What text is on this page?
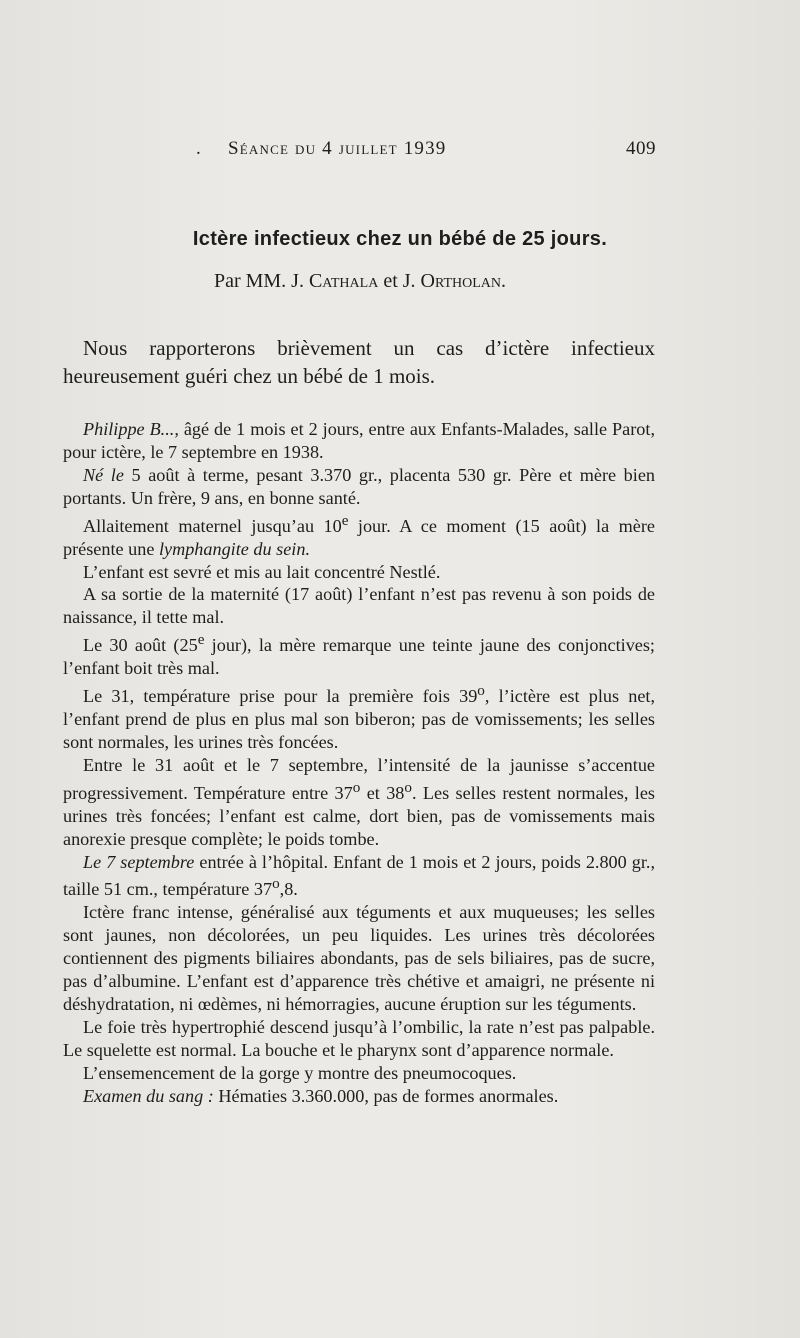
. Séance du 4 juillet 1939	409
Ictère infectieux chez un bébé de 25 jours.
Par MM. J. Cathala et J. Ortholan.

Nous rapporterons brièvement un cas d’ictère infectieux heureusement guéri chez un bébé de 1 mois.

Philippe B..., âgé de 1 mois et 2 jours, entre aux Enfants-Malades, salle Parot, pour ictère, le 7 septembre en 1938.

Né le 5 août à terme, pesant 3.370 gr., placenta 530 gr. Père et mère bien portants. Un frère, 9 ans, en bonne santé.

Allaitement maternel jusqu’au 10e jour. A ce moment (15 août) la mère présente une lymphangite du sein.

L’enfant est sevré et mis au lait concentré Nestlé.

A sa sortie de la maternité (17 août) l’enfant n’est pas revenu à son poids de naissance, il tette mal.

Le 30 août (25e jour), la mère remarque une teinte jaune des conjonctives; l’enfant boit très mal.

Le 31, température prise pour la première fois 39$^o$, l’ictère est plus net, l’enfant prend de plus en plus mal son biberon; pas de vomissements; les selles sont normales, les urines très foncées.

Entre le 31 août et le 7 septembre, l’intensité de la jaunisse s’accentue progressivement. Température entre 37$^o$ et 38$^o$. Les selles restent normales, les urines très foncées; l’enfant est calme, dort bien, pas de vomissements mais anorexie presque complète; le poids tombe.

Le 7 septembre entrée à l’hôpital. Enfant de 1 mois et 2 jours, poids 2.800 gr., taille 51 cm., température 37$^o$,8.

Ictère franc intense, généralisé aux téguments et aux muqueuses; les selles sont jaunes, non décolorées, un peu liquides. Les urines très décolorées contiennent des pigments biliaires abondants, pas de sels biliaires, pas de sucre, pas d’albumine. L’enfant est d’apparence très chétive et amaigri, ne présente ni déshydratation, ni œdèmes, ni hémorragies, aucune éruption sur les téguments.

Le foie très hypertrophié descend jusqu’à l’ombilic, la rate n’est pas palpable. Le squelette est normal. La bouche et le pharynx sont d’apparence normale.

L’ensemencement de la gorge y montre des pneumocoques.

Examen du sang : Hématies 3.360.000, pas de formes anormales.
